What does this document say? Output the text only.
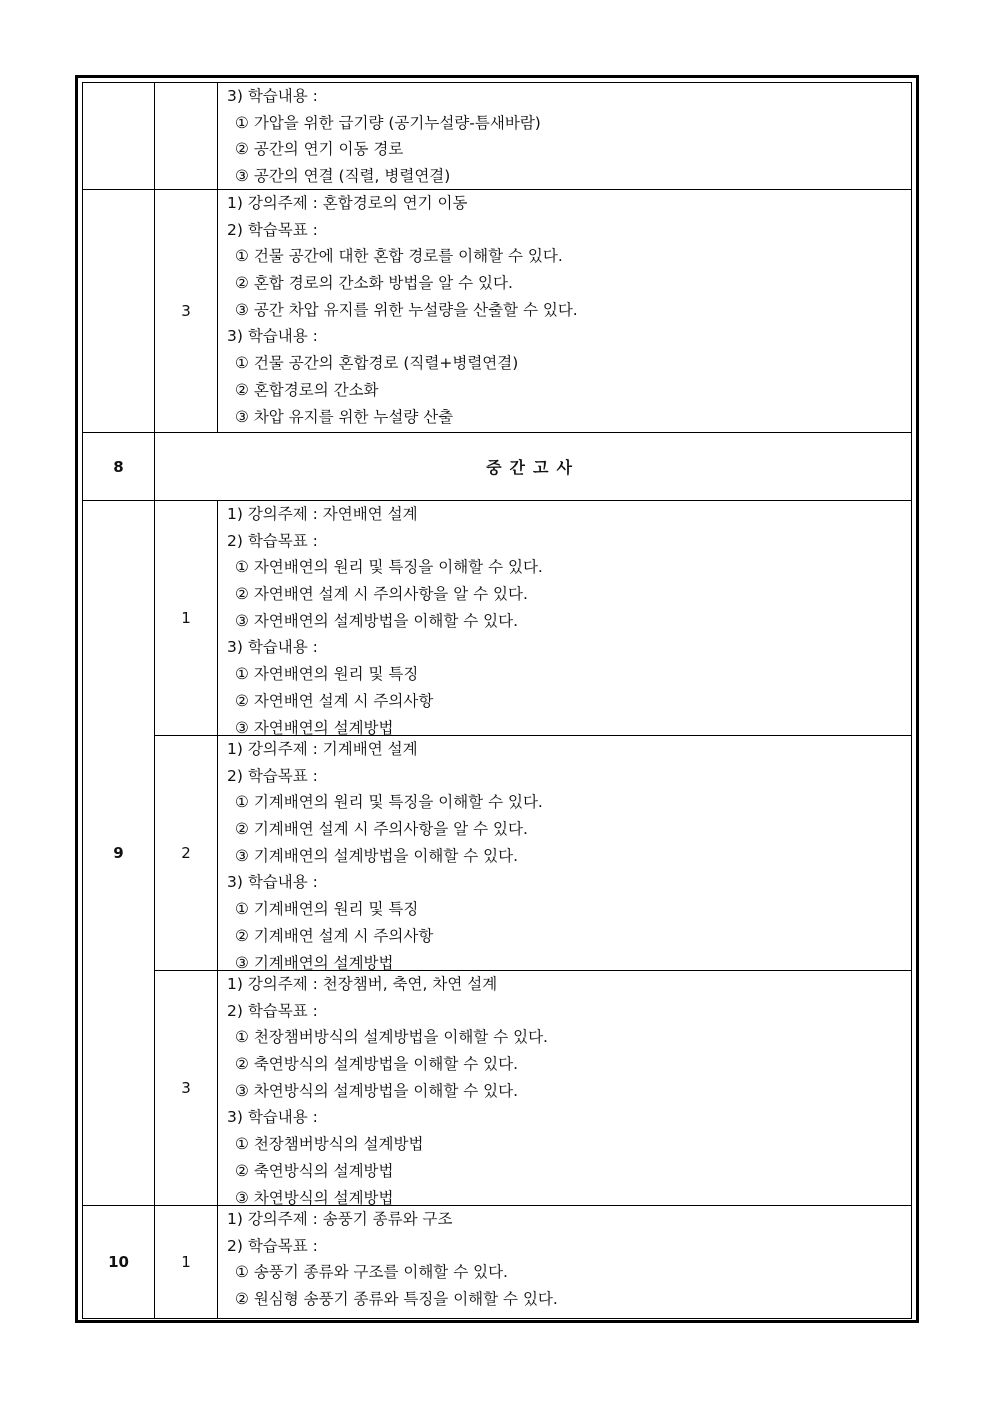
3) 학습내용 :
① 가압을 위한 급기량 (공기누설량-틈새바람)
② 공간의 연기 이동 경로
③ 공간의 연결 (직렬, 병렬연결)
3
1) 강의주제 : 혼합경로의 연기 이동
2) 학습목표 :
① 건물 공간에 대한 혼합 경로를 이해할 수 있다.
② 혼합 경로의 간소화 방법을 알 수 있다.
③ 공간 차압 유지를 위한 누설량을 산출할 수 있다.
3) 학습내용 :
① 건물 공간의 혼합경로 (직렬+병렬연결)
② 혼합경로의 간소화
③ 차압 유지를 위한 누설량 산출
8	중간고사
1
1) 강의주제 : 자연배연 설계
2) 학습목표 :
① 자연배연의 원리 및 특징을 이해할 수 있다.
② 자연배연 설계 시 주의사항을 알 수 있다.
③ 자연배연의 설계방법을 이해할 수 있다.
3) 학습내용 :
① 자연배연의 원리 및 특징
② 자연배연 설계 시 주의사항
③ 자연배연의 설계방법
2
1) 강의주제 : 기계배연 설계
2) 학습목표 :
① 기계배연의 원리 및 특징을 이해할 수 있다.
② 기계배연 설계 시 주의사항을 알 수 있다.
③ 기계배연의 설계방법을 이해할 수 있다.
3) 학습내용 :
① 기계배연의 원리 및 특징
② 기계배연 설계 시 주의사항
③ 기계배연의 설계방법
3
1) 강의주제 : 천장챔버, 축연, 차연 설계
2) 학습목표 :
① 천장챔버방식의 설계방법을 이해할 수 있다.
② 축연방식의 설계방법을 이해할 수 있다.
③ 차연방식의 설계방법을 이해할 수 있다.
3) 학습내용 :
① 천장챔버방식의 설계방법
② 축연방식의 설계방법
③ 차연방식의 설계방법
9
10	1
1) 강의주제 : 송풍기 종류와 구조
2) 학습목표 :
① 송풍기 종류와 구조를 이해할 수 있다.
② 원심형 송풍기 종류와 특징을 이해할 수 있다.
